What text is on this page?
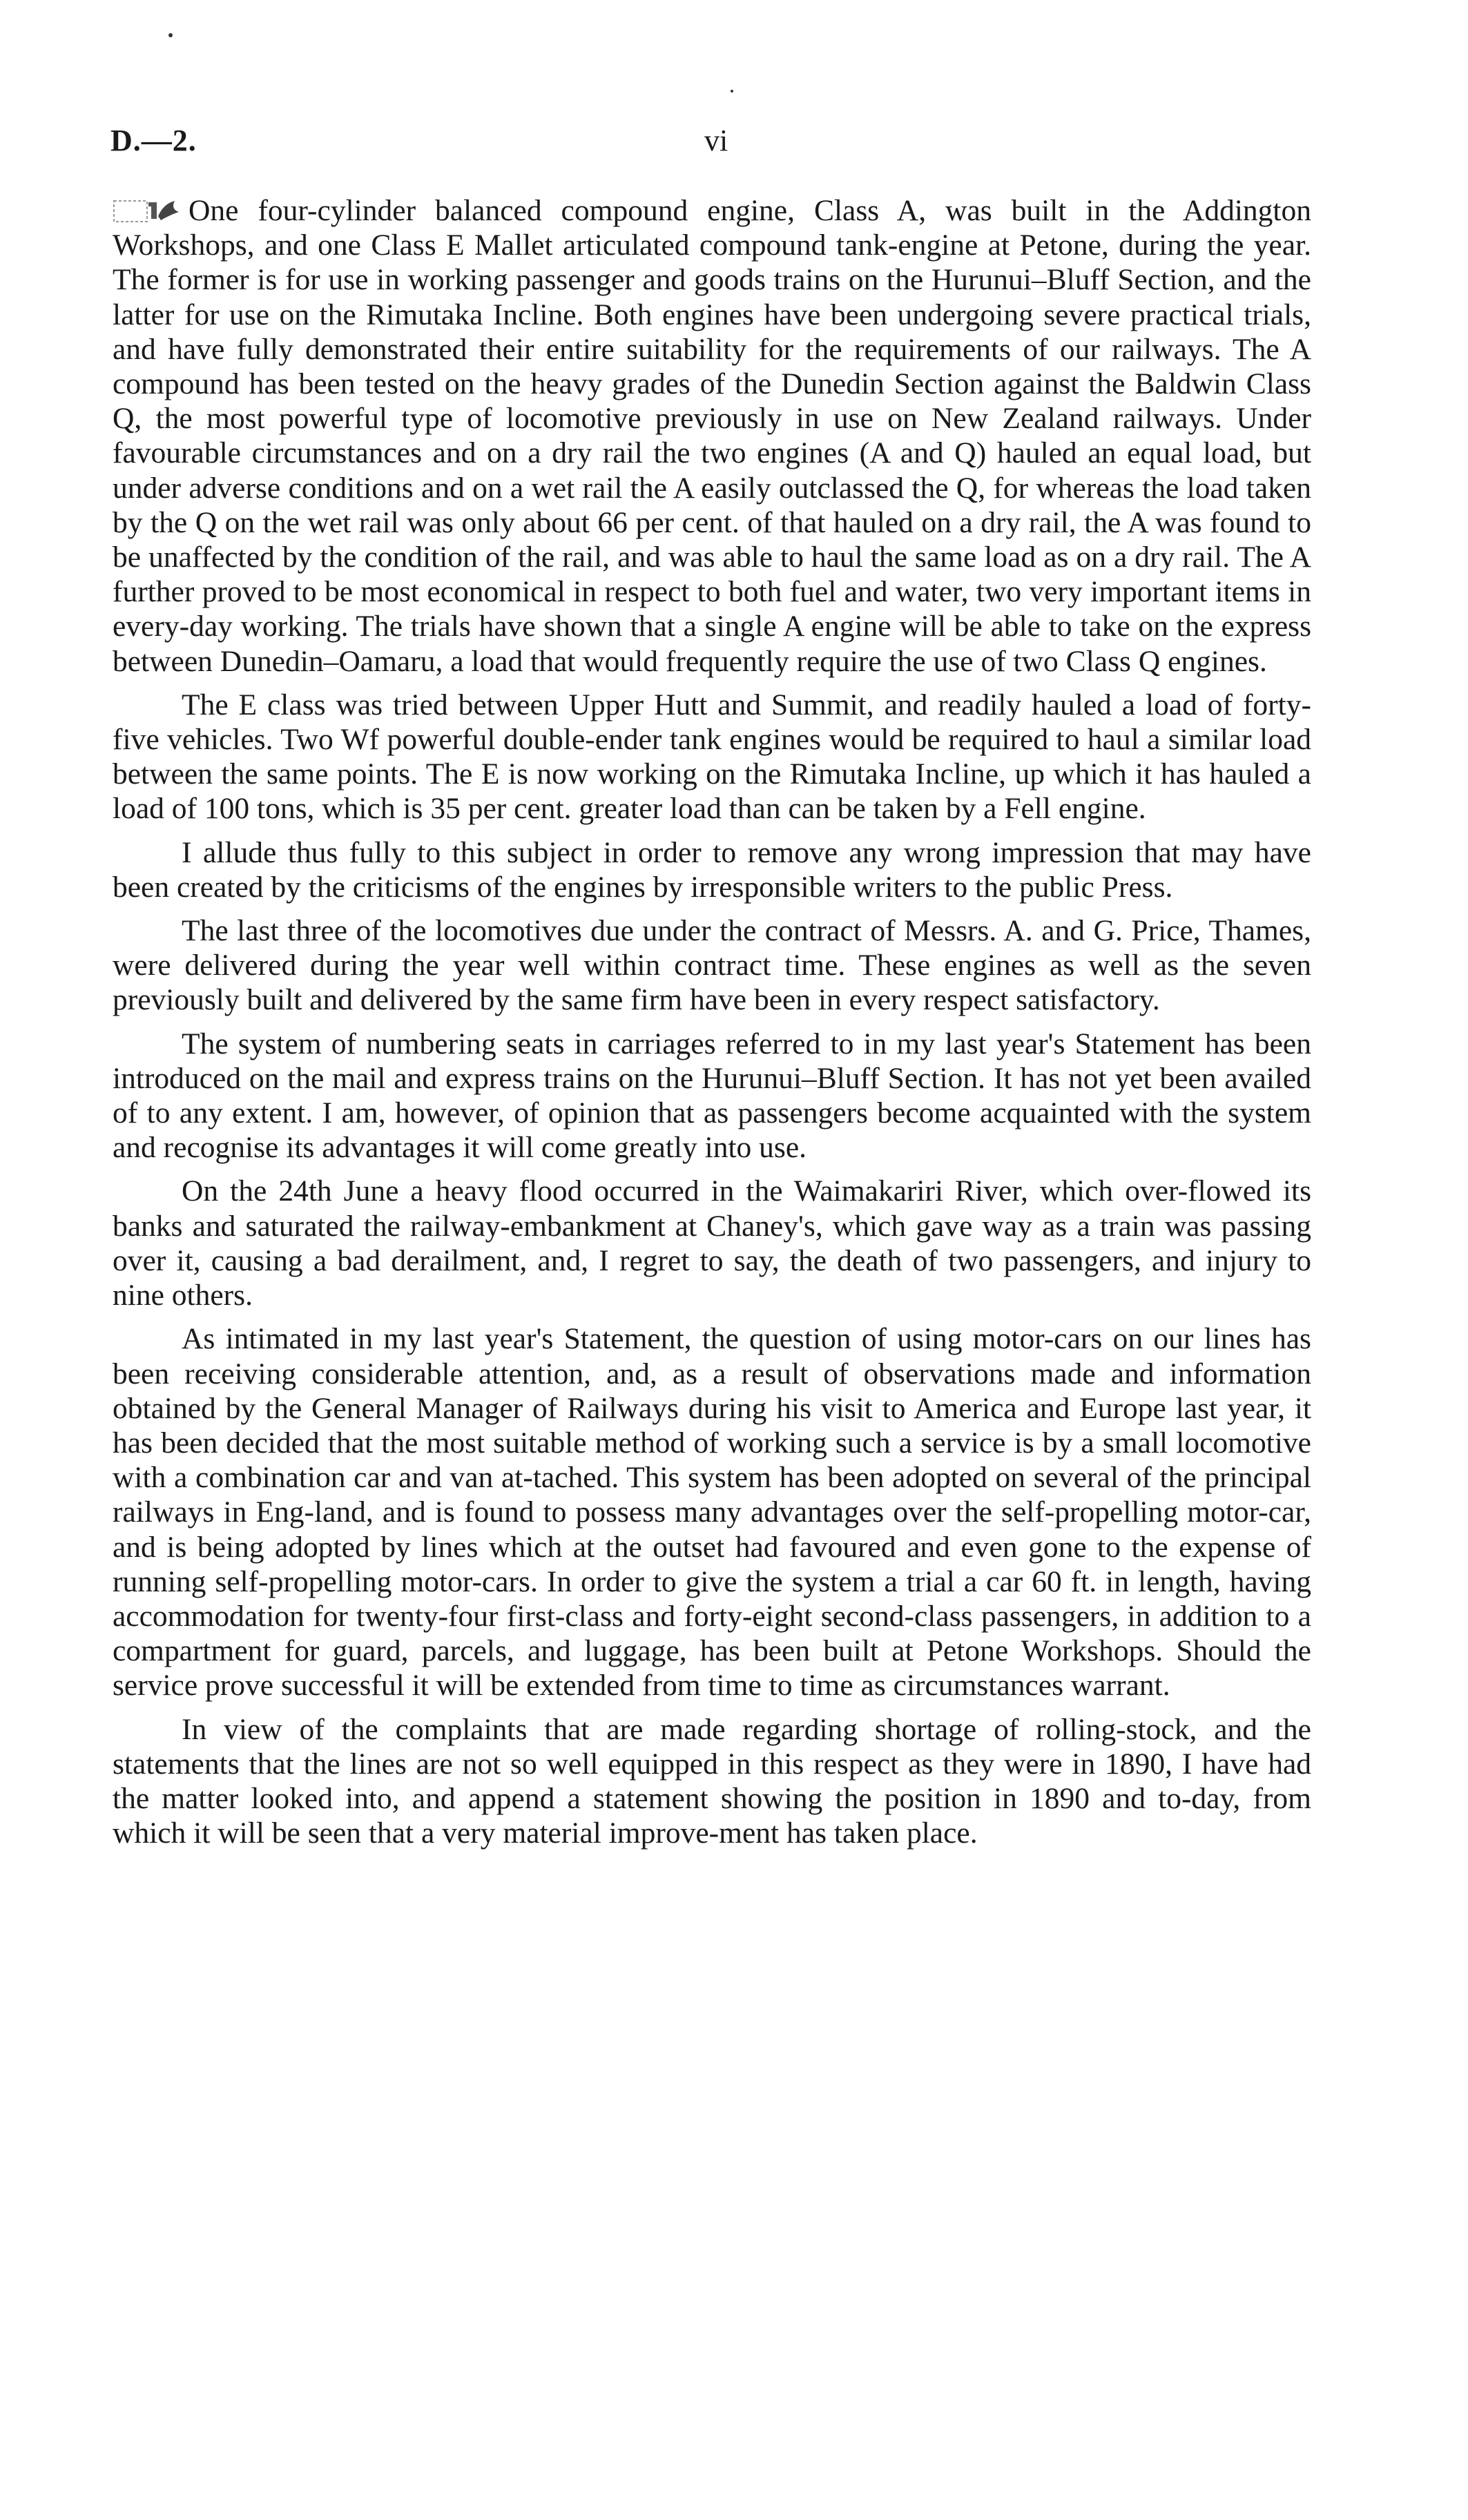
D.—2.	vi

One four-cylinder balanced compound engine, Class A, was built in the Addington Workshops, and one Class E Mallet articulated compound tank-engine at Petone, during the year. The former is for use in working passenger and goods trains on the Hurunui–Bluff Section, and the latter for use on the Rimutaka Incline. Both engines have been undergoing severe practical trials, and have fully demonstrated their entire suitability for the requirements of our railways. The A compound has been tested on the heavy grades of the Dunedin Section against the Baldwin Class Q, the most powerful type of locomotive previously in use on New Zealand railways. Under favourable circumstances and on a dry rail the two engines (A and Q) hauled an equal load, but under adverse conditions and on a wet rail the A easily outclassed the Q, for whereas the load taken by the Q on the wet rail was only about 66 per cent. of that hauled on a dry rail, the A was found to be unaffected by the condition of the rail, and was able to haul the same load as on a dry rail. The A further proved to be most economical in respect to both fuel and water, two very important items in every-day working. The trials have shown that a single A engine will be able to take on the express between Dunedin–Oamaru, a load that would frequently require the use of two Class Q engines.

The E class was tried between Upper Hutt and Summit, and readily hauled a load of forty-five vehicles. Two Wf powerful double-ender tank engines would be required to haul a similar load between the same points. The E is now working on the Rimutaka Incline, up which it has hauled a load of 100 tons, which is 35 per cent. greater load than can be taken by a Fell engine.

I allude thus fully to this subject in order to remove any wrong impression that may have been created by the criticisms of the engines by irresponsible writers to the public Press.

The last three of the locomotives due under the contract of Messrs. A. and G. Price, Thames, were delivered during the year well within contract time. These engines as well as the seven previously built and delivered by the same firm have been in every respect satisfactory.

The system of numbering seats in carriages referred to in my last year's Statement has been introduced on the mail and express trains on the Hurunui–Bluff Section. It has not yet been availed of to any extent. I am, however, of opinion that as passengers become acquainted with the system and recognise its advantages it will come greatly into use.

On the 24th June a heavy flood occurred in the Waimakariri River, which over-flowed its banks and saturated the railway-embankment at Chaney's, which gave way as a train was passing over it, causing a bad derailment, and, I regret to say, the death of two passengers, and injury to nine others.

As intimated in my last year's Statement, the question of using motor-cars on our lines has been receiving considerable attention, and, as a result of observations made and information obtained by the General Manager of Railways during his visit to America and Europe last year, it has been decided that the most suitable method of working such a service is by a small locomotive with a combination car and van at-tached. This system has been adopted on several of the principal railways in Eng-land, and is found to possess many advantages over the self-propelling motor-car, and is being adopted by lines which at the outset had favoured and even gone to the expense of running self-propelling motor-cars. In order to give the system a trial a car 60 ft. in length, having accommodation for twenty-four first-class and forty-eight second-class passengers, in addition to a compartment for guard, parcels, and luggage, has been built at Petone Workshops. Should the service prove successful it will be extended from time to time as circumstances warrant.

In view of the complaints that are made regarding shortage of rolling-stock, and the statements that the lines are not so well equipped in this respect as they were in 1890, I have had the matter looked into, and append a statement showing the position in 1890 and to-day, from which it will be seen that a very material improve-ment has taken place.
